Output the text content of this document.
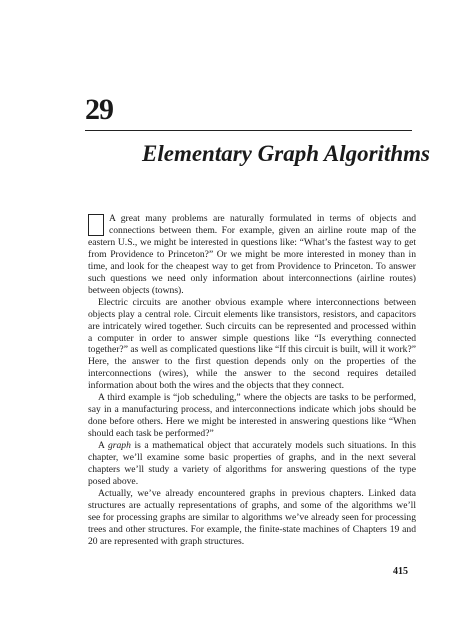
29
Elementary Graph Algorithms

A great many problems are naturally formulated in terms of objects and connections between them. For example, given an airline route map of the eastern U.S., we might be interested in questions like: “What’s the fastest way to get from Providence to Princeton?” Or we might be more interested in money than in time, and look for the cheapest way to get from Providence to Princeton. To answer such questions we need only information about interconnections (airline routes) between objects (towns).

Electric circuits are another obvious example where interconnections between objects play a central role. Circuit elements like transistors, resistors, and capacitors are intricately wired together. Such circuits can be represented and processed within a computer in order to answer simple questions like “Is everything connected together?” as well as complicated questions like “If this circuit is built, will it work?” Here, the answer to the first question depends only on the properties of the interconnections (wires), while the answer to the second requires detailed information about both the wires and the objects that they connect.

A third example is “job scheduling,” where the objects are tasks to be performed, say in a manufacturing process, and interconnections indicate which jobs should be done before others. Here we might be interested in answering questions like “When should each task be performed?”

A graph is a mathematical object that accurately models such situations. In this chapter, we’ll examine some basic properties of graphs, and in the next several chapters we’ll study a variety of algorithms for answering questions of the type posed above.

Actually, we’ve already encountered graphs in previous chapters. Linked data structures are actually representations of graphs, and some of the algorithms we’ll see for processing graphs are similar to algorithms we’ve already seen for processing trees and other structures. For example, the finite-state machines of Chapters 19 and 20 are represented with graph structures.

415
